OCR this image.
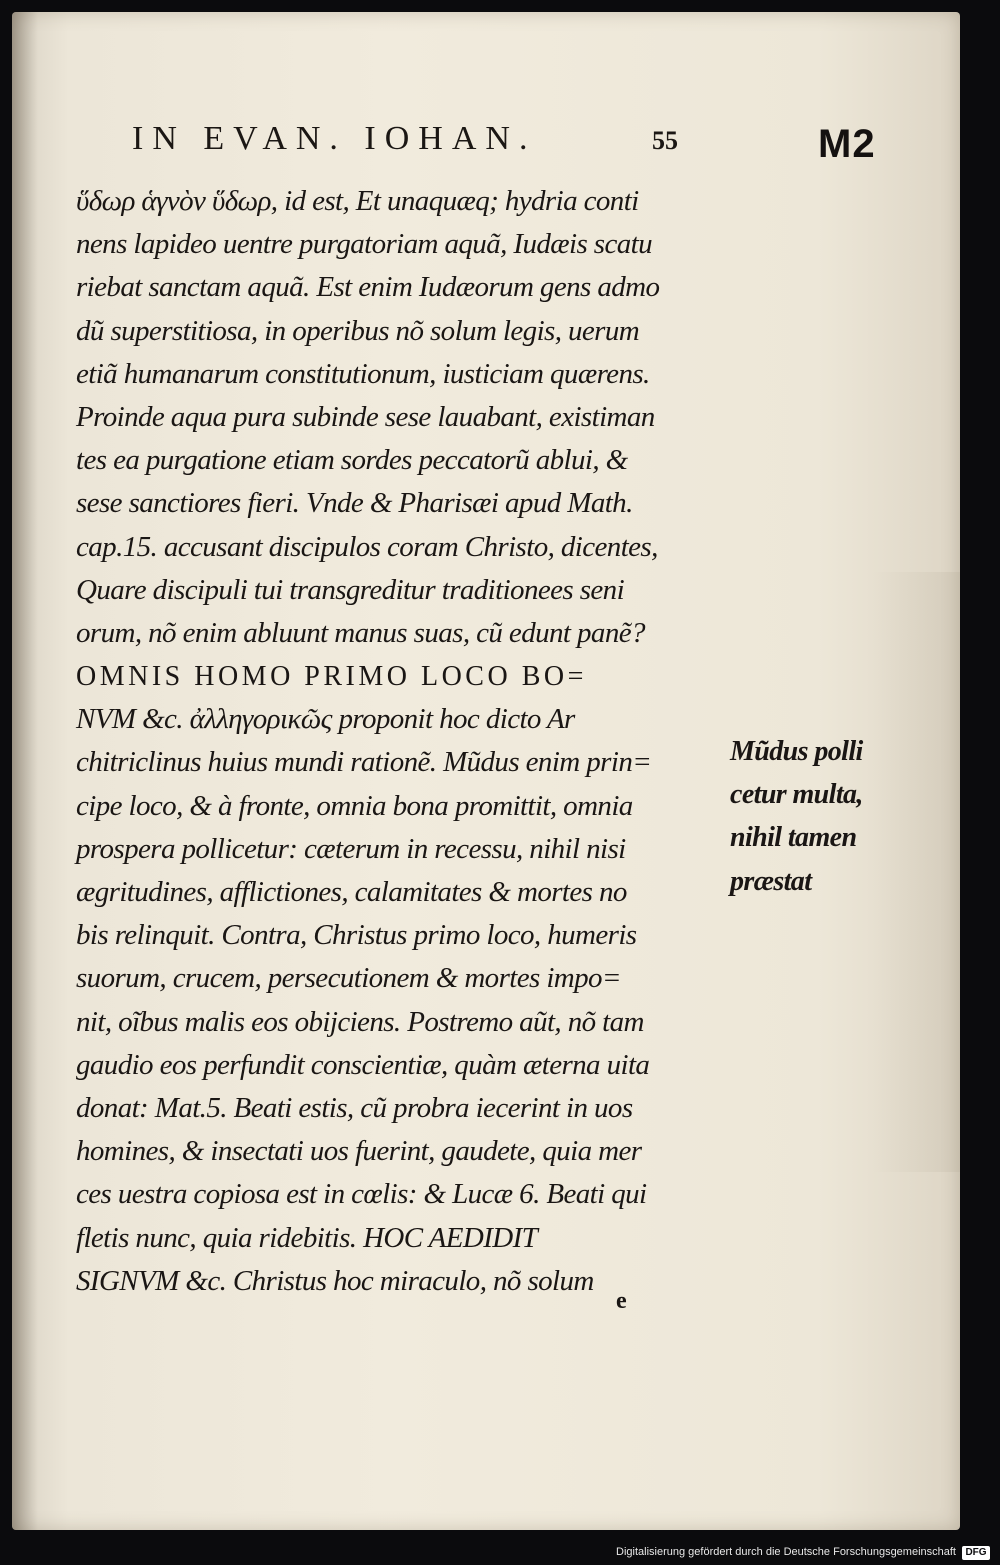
IN EVAN. IOHAN.	55	M2
ὕδωρ ἁγνὸν ὕδωρ, id est, Et unaquæq; hydria conti
nens lapideo uentre purgatoriam aquã, Iudæis scatu
riebat sanctam aquã. Est enim Iudæorum gens admo
dũ superstitiosa, in operibus nõ solum legis, uerum
etiã humanarum constitutionum, iusticiam quærens.
Proinde aqua pura subinde sese lauabant, existiman
tes ea purgatione etiam sordes peccatorũ ablui, &
sese sanctiores fieri. Vnde & Pharisæi apud Math.
cap.15. accusant discipulos coram Christo, dicentes,
Quare discipuli tui transgreditur traditionees seni
orum, nõ enim abluunt manus suas, cũ edunt panẽ?
OMNIS HOMO PRIMO LOCO BO=
NVM &c. ἀλληγορικῶς proponit hoc dicto Ar
chitriclinus huius mundi rationẽ. Mũdus enim prin=
cipe loco, & à fronte, omnia bona promittit, omnia
prospera pollicetur: cæterum in recessu, nihil nisi
ægritudines, afflictiones, calamitates & mortes no
bis relinquit. Contra, Christus primo loco, humeris
suorum, crucem, persecutionem & mortes impo=
nit, oĩbus malis eos obijciens. Postremo aũt, nõ tam
gaudio eos perfundit conscientiæ, quàm æterna uita
donat: Mat.5. Beati estis, cũ probra iecerint in uos
homines, & insectati uos fuerint, gaudete, quia mer
ces uestra copiosa est in cœlis: & Lucæ 6. Beati qui
fletis nunc, quia ridebitis. HOC AEDIDIT
SIGNVM &c. Christus hoc miraculo, nõ solum
Mũdus polli
cetur multa,
nihil tamen
præstat
e
Digitalisierung gefördert durch die Deutsche Forschungsgemeinschaft DFG
